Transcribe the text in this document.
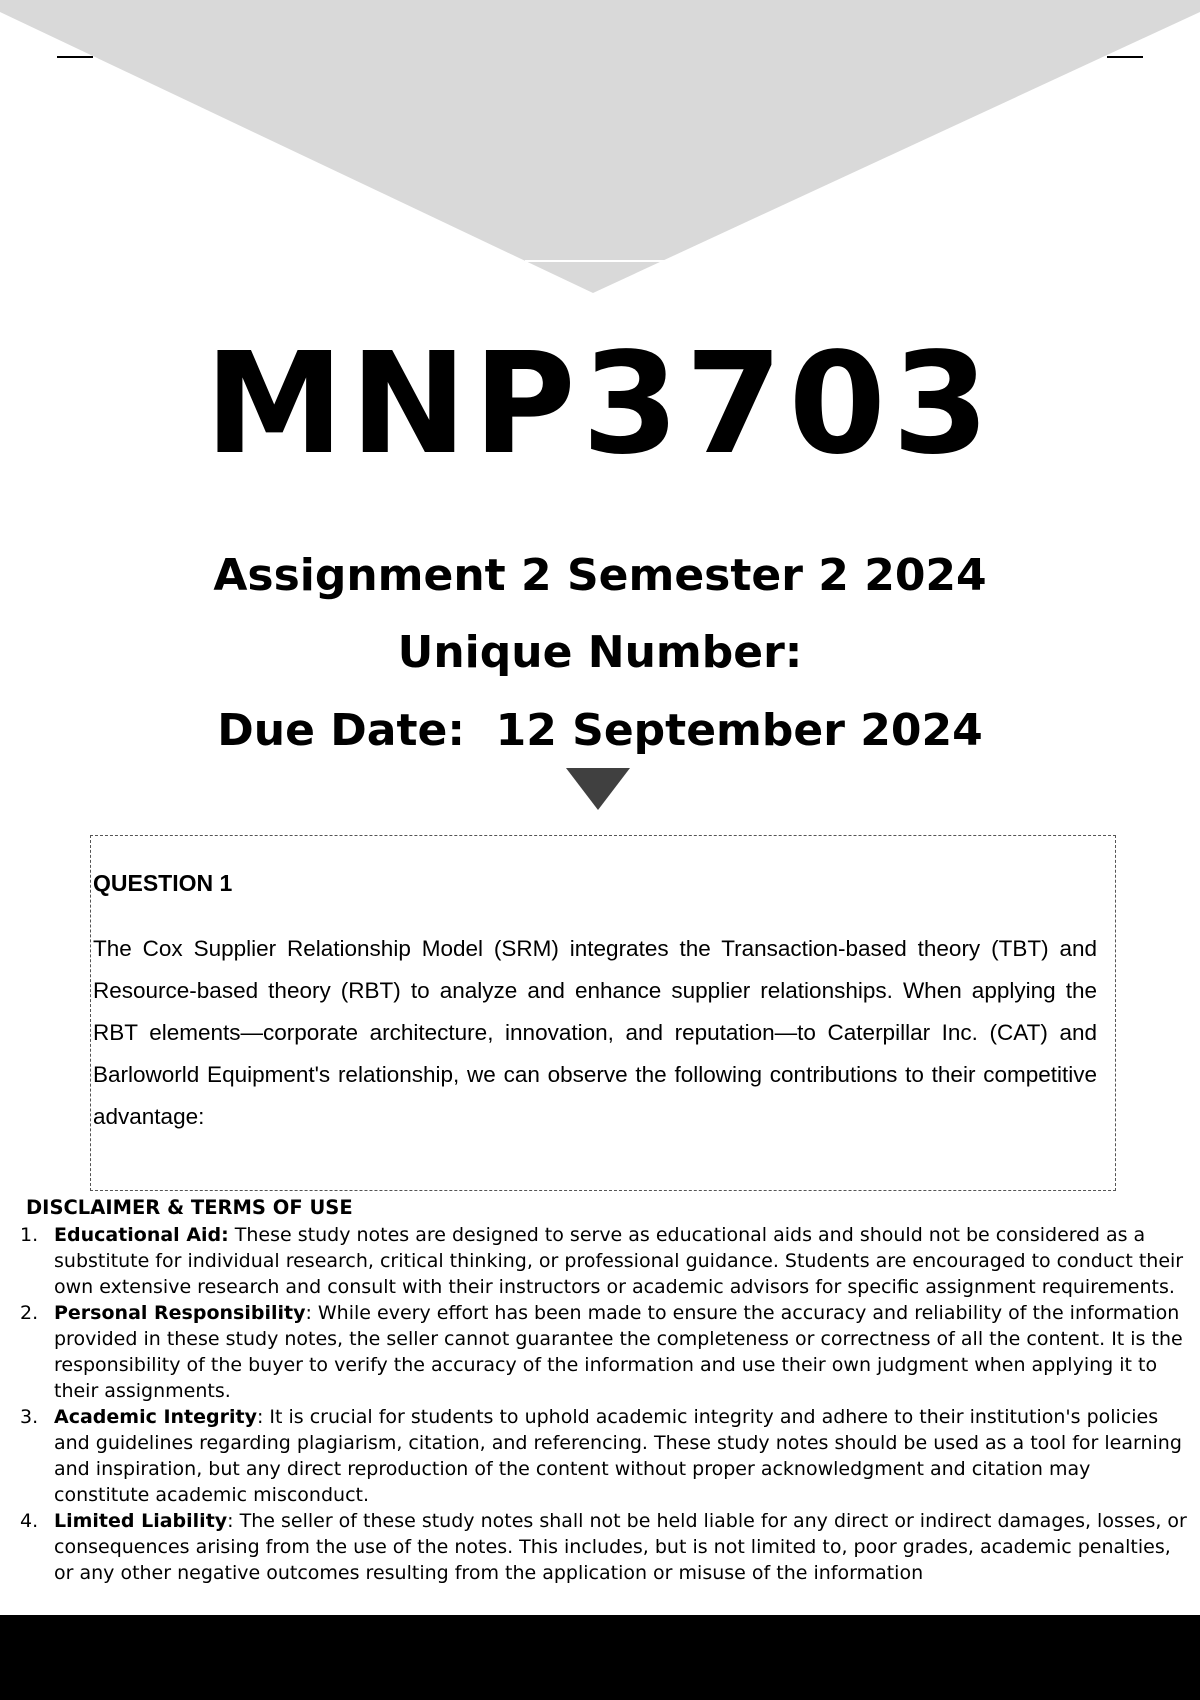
MNP3703
Assignment 2 Semester 2 2024
Unique Number:
Due Date:  12 September 2024
QUESTION 1
The Cox Supplier Relationship Model (SRM) integrates the Transaction-based theory (TBT) and Resource-based theory (RBT) to analyze and enhance supplier relationships. When applying the RBT elements—corporate architecture, innovation, and reputation—to Caterpillar Inc. (CAT) and Barloworld Equipment's relationship, we can observe the following contributions to their competitive advantage:
DISCLAIMER & TERMS OF USE
1. Educational Aid: These study notes are designed to serve as educational aids and should not be considered as a substitute for individual research, critical thinking, or professional guidance. Students are encouraged to conduct their own extensive research and consult with their instructors or academic advisors for specific assignment requirements.
2. Personal Responsibility: While every effort has been made to ensure the accuracy and reliability of the information provided in these study notes, the seller cannot guarantee the completeness or correctness of all the content. It is the responsibility of the buyer to verify the accuracy of the information and use their own judgment when applying it to their assignments.
3. Academic Integrity: It is crucial for students to uphold academic integrity and adhere to their institution's policies and guidelines regarding plagiarism, citation, and referencing. These study notes should be used as a tool for learning and inspiration, but any direct reproduction of the content without proper acknowledgment and citation may constitute academic misconduct.
4. Limited Liability: The seller of these study notes shall not be held liable for any direct or indirect damages, losses, or consequences arising from the use of the notes. This includes, but is not limited to, poor grades, academic penalties, or any other negative outcomes resulting from the application or misuse of the information
